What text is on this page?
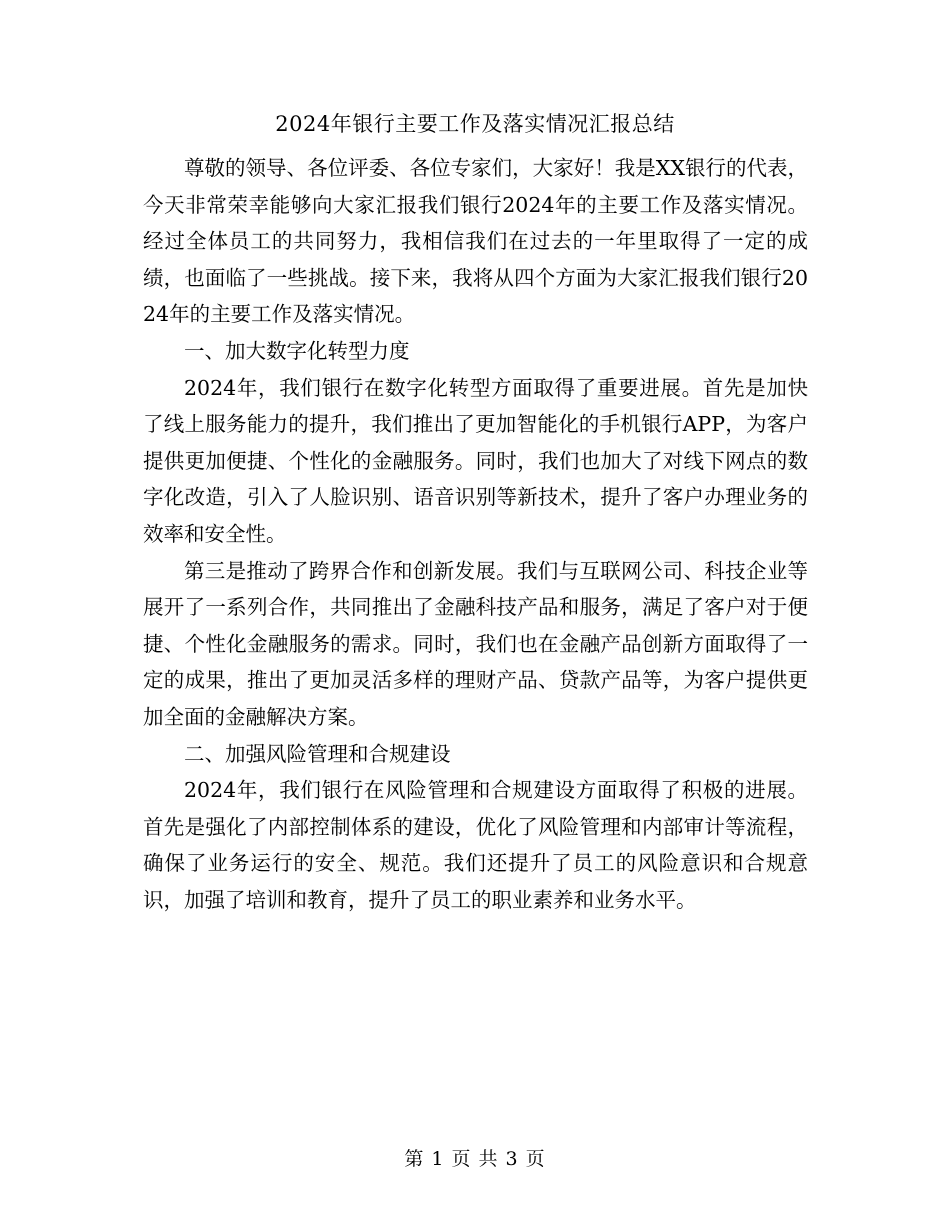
2024年银行主要工作及落实情况汇报总结

尊敬的领导、各位评委、各位专家们，大家好！我是XX银行的代表，今天非常荣幸能够向大家汇报我们银行2024年的主要工作及落实情况。经过全体员工的共同努力，我相信我们在过去的一年里取得了一定的成绩，也面临了一些挑战。接下来，我将从四个方面为大家汇报我们银行2024年的主要工作及落实情况。

一、加大数字化转型力度

2024年，我们银行在数字化转型方面取得了重要进展。首先是加快了线上服务能力的提升，我们推出了更加智能化的手机银行APP，为客户提供更加便捷、个性化的金融服务。同时，我们也加大了对线下网点的数字化改造，引入了人脸识别、语音识别等新技术，提升了客户办理业务的效率和安全性。

第三是推动了跨界合作和创新发展。我们与互联网公司、科技企业等展开了一系列合作，共同推出了金融科技产品和服务，满足了客户对于便捷、个性化金融服务的需求。同时，我们也在金融产品创新方面取得了一定的成果，推出了更加灵活多样的理财产品、贷款产品等，为客户提供更加全面的金融解决方案。

二、加强风险管理和合规建设

2024年，我们银行在风险管理和合规建设方面取得了积极的进展。首先是强化了内部控制体系的建设，优化了风险管理和内部审计等流程，确保了业务运行的安全、规范。我们还提升了员工的风险意识和合规意识，加强了培训和教育，提升了员工的职业素养和业务水平。

第 1 页 共 3 页
